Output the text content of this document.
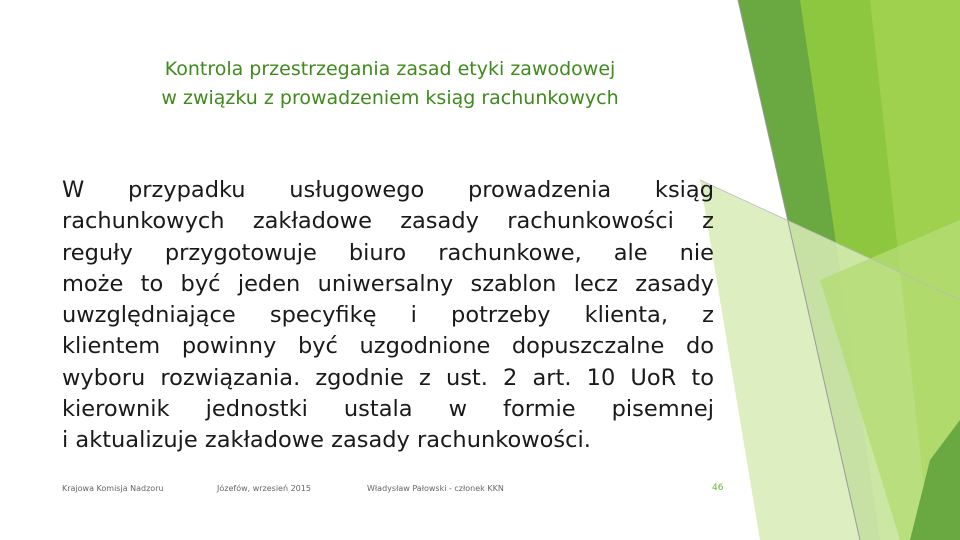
Kontrola przestrzegania zasad etyki zawodowej
w związku z prowadzeniem ksiąg rachunkowych
W przypadku usługowego prowadzenia ksiąg
rachunkowych zakładowe zasady rachunkowości z
reguły przygotowuje biuro rachunkowe, ale nie
może to być jeden uniwersalny szablon lecz zasady
uwzględniające specyfikę i potrzeby klienta, z
klientem powinny być uzgodnione dopuszczalne do
wyboru rozwiązania. zgodnie z ust. 2 art. 10 UoR to
kierownik jednostki ustala w formie pisemnej
i aktualizuje zakładowe zasady rachunkowości.
Krajowa Komisja Nadzoru	Józefów, wrzesień 2015	Władysław Pałowski - członek KKN	46
